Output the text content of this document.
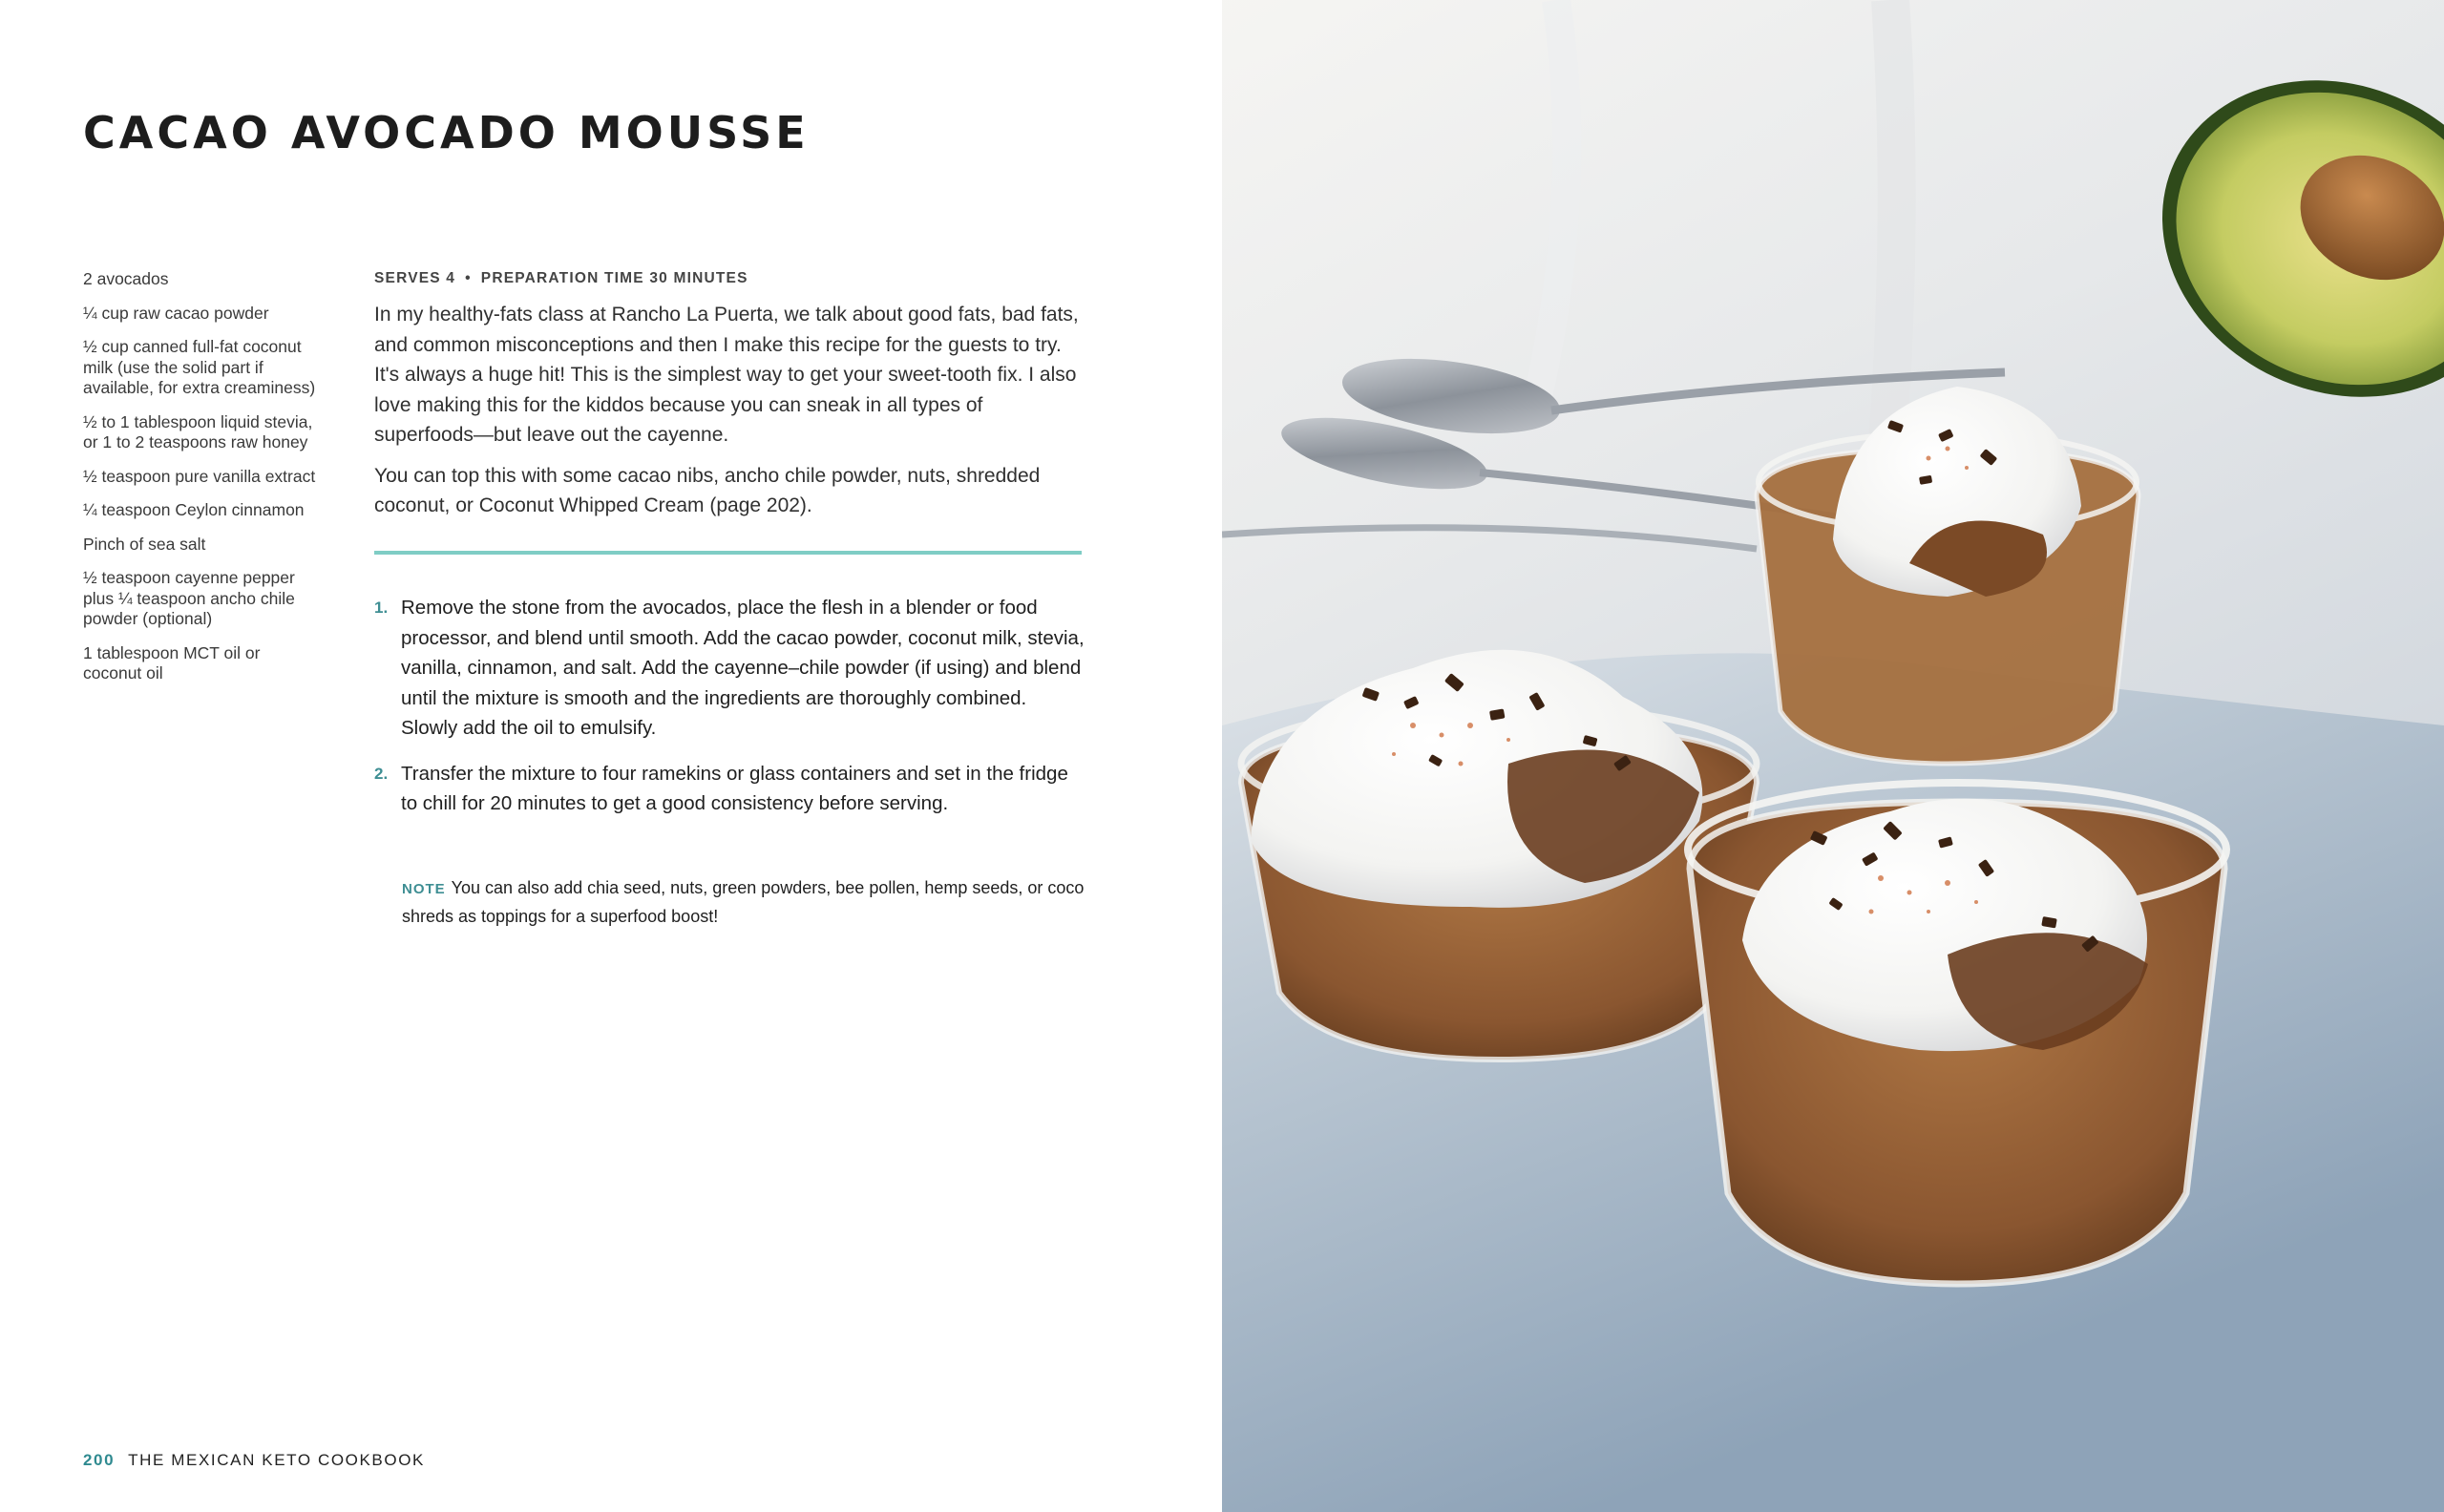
CACAO AVOCADO MOUSSE
2 avocados
¼ cup raw cacao powder
½ cup canned full-fat coconut milk (use the solid part if available, for extra creaminess)
½ to 1 tablespoon liquid stevia, or 1 to 2 teaspoons raw honey
½ teaspoon pure vanilla extract
¼ teaspoon Ceylon cinnamon
Pinch of sea salt
½ teaspoon cayenne pepper plus ¼ teaspoon ancho chile powder (optional)
1 tablespoon MCT oil or coconut oil
SERVES 4 • PREPARATION TIME 30 MINUTES

In my healthy-fats class at Rancho La Puerta, we talk about good fats, bad fats, and common misconceptions and then I make this recipe for the guests to try. It's always a huge hit! This is the simplest way to get your sweet-tooth fix. I also love making this for the kiddos because you can sneak in all types of superfoods—but leave out the cayenne.

You can top this with some cacao nibs, ancho chile powder, nuts, shredded coconut, or Coconut Whipped Cream (page 202).

1. Remove the stone from the avocados, place the flesh in a blender or food processor, and blend until smooth. Add the cacao powder, coconut milk, stevia, vanilla, cinnamon, and salt. Add the cayenne–chile powder (if using) and blend until the mixture is smooth and the ingredients are thoroughly combined. Slowly add the oil to emulsify.
2. Transfer the mixture to four ramekins or glass containers and set in the fridge to chill for 20 minutes to get a good consistency before serving.

NOTE You can also add chia seed, nuts, green powders, bee pollen, hemp seeds, or coco shreds as toppings for a superfood boost!

200 THE MEXICAN KETO COOKBOOK
